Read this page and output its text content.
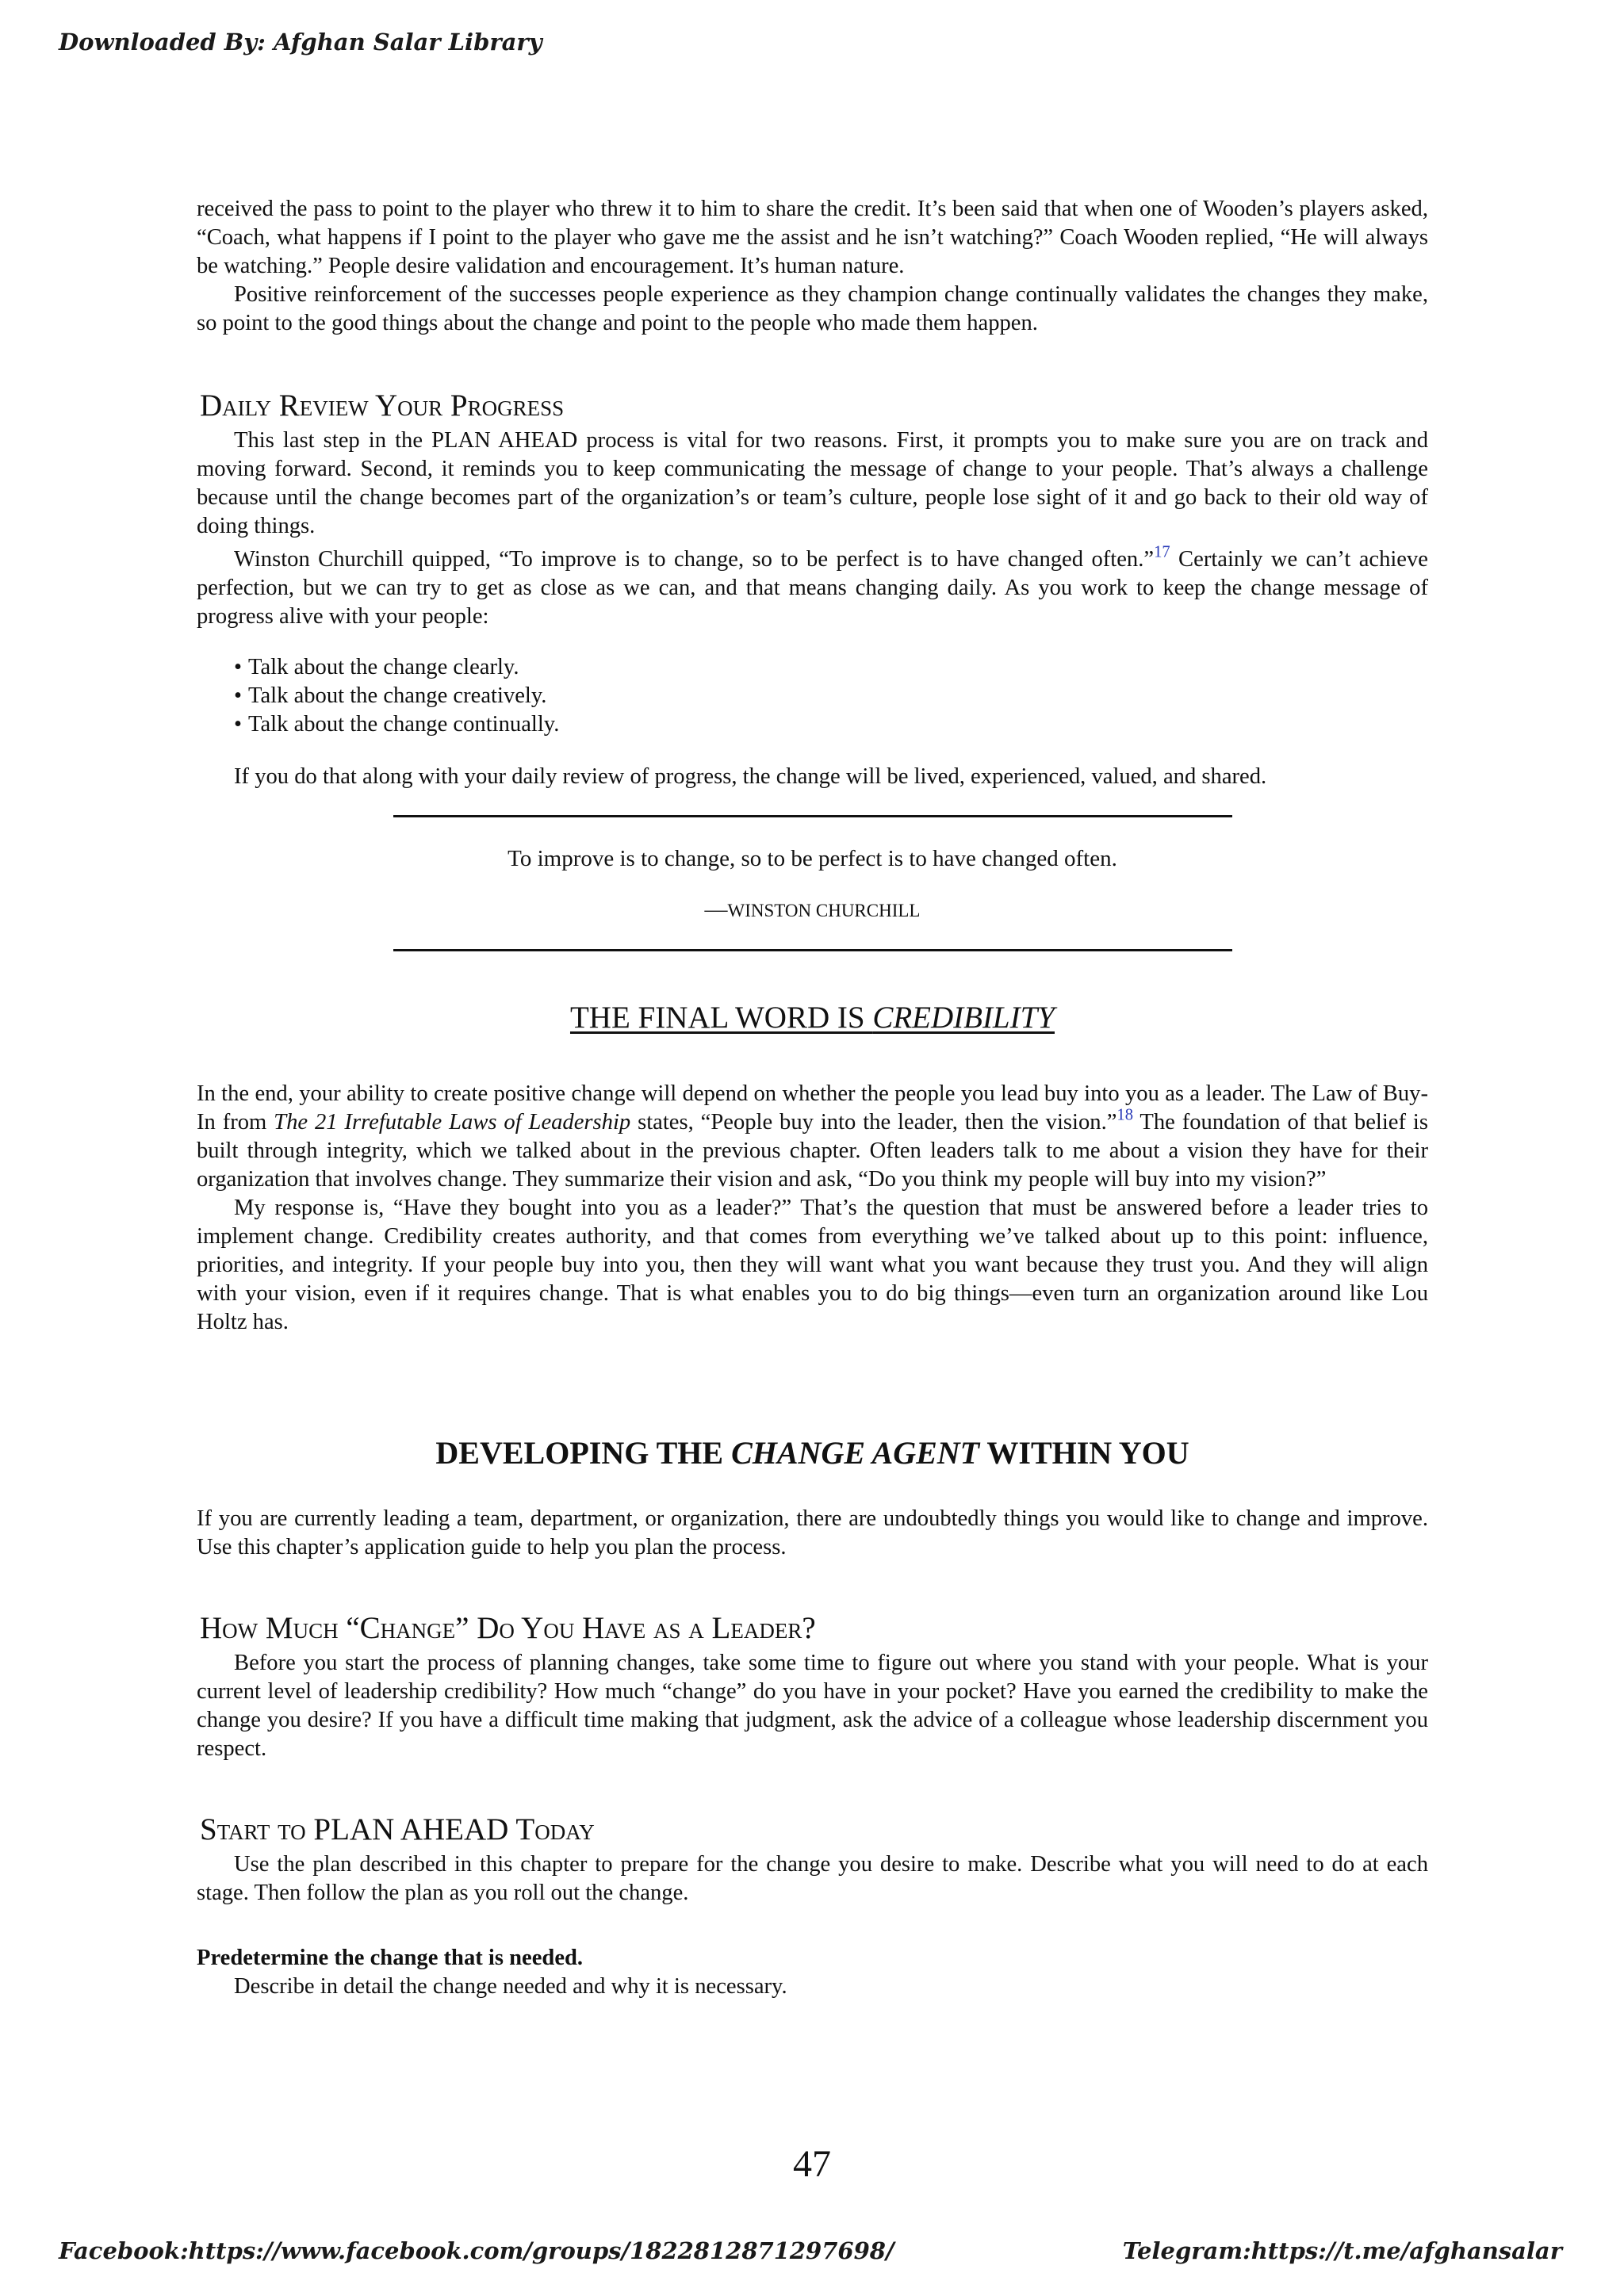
Downloaded By: Afghan Salar Library

received the pass to point to the player who threw it to him to share the credit. It’s been said that when one of Wooden’s players asked, “Coach, what happens if I point to the player who gave me the assist and he isn’t watching?” Coach Wooden replied, “He will always be watching.” People desire validation and encouragement. It’s human nature.

Positive reinforcement of the successes people experience as they champion change continually validates the changes they make, so point to the good things about the change and point to the people who made them happen.

Daily Review Your Progress

This last step in the PLAN AHEAD process is vital for two reasons. First, it prompts you to make sure you are on track and moving forward. Second, it reminds you to keep communicating the message of change to your people. That’s always a challenge because until the change becomes part of the organization’s or team’s culture, people lose sight of it and go back to their old way of doing things.

Winston Churchill quipped, “To improve is to change, so to be perfect is to have changed often.”$^{17}$ Certainly we can’t achieve perfection, but we can try to get as close as we can, and that means changing daily. As you work to keep the change message of progress alive with your people:

• Talk about the change clearly.
• Talk about the change creatively.
• Talk about the change continually.

If you do that along with your daily review of progress, the change will be lived, experienced, valued, and shared.

To improve is to change, so to be perfect is to have changed often.

—WINSTON CHURCHILL

THE FINAL WORD IS CREDIBILITY

In the end, your ability to create positive change will depend on whether the people you lead buy into you as a leader. The Law of Buy-In from The 21 Irrefutable Laws of Leadership states, “People buy into the leader, then the vision.”$^{18}$ The foundation of that belief is built through integrity, which we talked about in the previous chapter. Often leaders talk to me about a vision they have for their organization that involves change. They summarize their vision and ask, “Do you think my people will buy into my vision?”

My response is, “Have they bought into you as a leader?” That’s the question that must be answered before a leader tries to implement change. Credibility creates authority, and that comes from everything we’ve talked about up to this point: influence, priorities, and integrity. If your people buy into you, then they will want what you want because they trust you. And they will align with your vision, even if it requires change. That is what enables you to do big things—even turn an organization around like Lou Holtz has.

DEVELOPING THE CHANGE AGENT WITHIN YOU

If you are currently leading a team, department, or organization, there are undoubtedly things you would like to change and improve. Use this chapter’s application guide to help you plan the process.

How Much “Change” Do You Have as a Leader?

Before you start the process of planning changes, take some time to figure out where you stand with your people. What is your current level of leadership credibility? How much “change” do you have in your pocket? Have you earned the credibility to make the change you desire? If you have a difficult time making that judgment, ask the advice of a colleague whose leadership discernment you respect.

Start to PLAN AHEAD Today

Use the plan described in this chapter to prepare for the change you desire to make. Describe what you will need to do at each stage. Then follow the plan as you roll out the change.

Predetermine the change that is needed.

Describe in detail the change needed and why it is necessary.

47
Facebook:https://www.facebook.com/groups/1822812871297698/	Telegram:https://t.me/afghansalar
